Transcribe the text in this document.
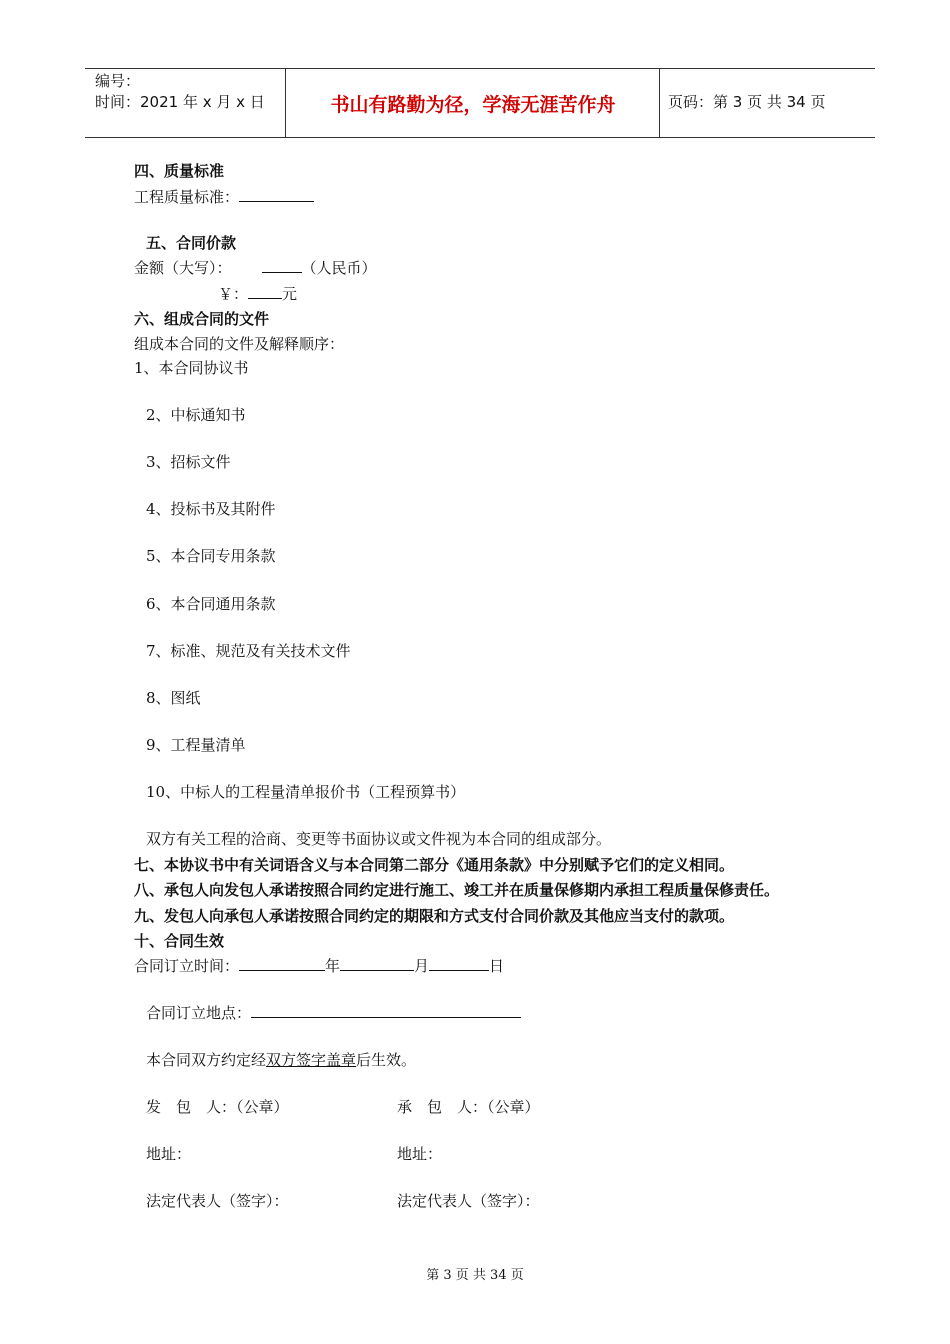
编号：
时间：2021 年 x 月 x 日	书山有路勤为径，学海无涯苦作舟	页码：第 3 页 共 34 页
四、质量标准
工程质量标准：
五、合同价款
金额（大写）：	（人民币）
￥： 元
六、组成合同的文件
组成本合同的文件及解释顺序：
1、本合同协议书
2、中标通知书
3、招标文件
4、投标书及其附件
5、本合同专用条款
6、本合同通用条款
7、标准、规范及有关技术文件
8、图纸
9、工程量清单
10、中标人的工程量清单报价书（工程预算书）
双方有关工程的洽商、变更等书面协议或文件视为本合同的组成部分。
七、本协议书中有关词语含义与本合同第二部分《通用条款》中分别赋予它们的定义相同。
八、承包人向发包人承诺按照合同约定进行施工、竣工并在质量保修期内承担工程质量保修责任。
九、发包人向承包人承诺按照合同约定的期限和方式支付合同价款及其他应当支付的款项。
十、合同生效
合同订立时间：	年	月	日
合同订立地点：
本合同双方约定经双方签字盖章后生效。
发　包　人：（公章）	承　包　人：（公章）
地址：	地址：
法定代表人（签字）：	法定代表人（签字）：
第 3 页 共 34 页
